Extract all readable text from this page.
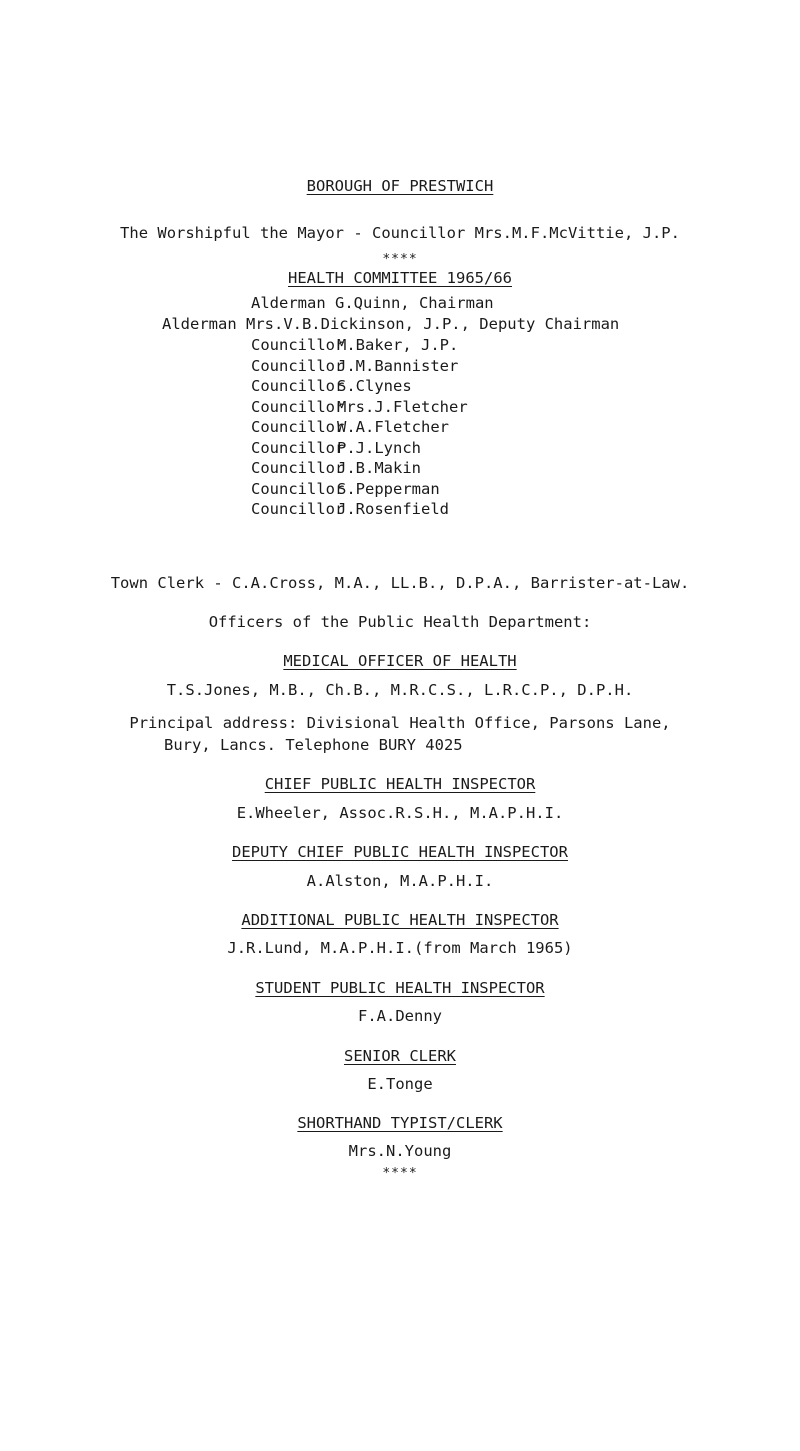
BOROUGH OF PRESTWICH
The Worshipful the Mayor - Councillor Mrs.M.F.McVittie, J.P.
****
HEALTH COMMITTEE 1965/66
Alderman G.Quinn, Chairman
Alderman Mrs.V.B.Dickinson, J.P., Deputy Chairman
CouncillorM.Baker, J.P.
CouncillorJ.M.Bannister
CouncillorS.Clynes
CouncillorMrs.J.Fletcher
CouncillorW.A.Fletcher
CouncillorP.J.Lynch
CouncillorJ.B.Makin
CouncillorS.Pepperman
CouncillorJ.Rosenfield
Town Clerk - C.A.Cross, M.A., LL.B., D.P.A., Barrister-at-Law.
Officers of the Public Health Department:
MEDICAL OFFICER OF HEALTH
T.S.Jones, M.B., Ch.B., M.R.C.S., L.R.C.P., D.P.H.
Principal address: Divisional Health Office, Parsons Lane,
Bury, Lancs. Telephone BURY 4025
CHIEF PUBLIC HEALTH INSPECTOR
E.Wheeler, Assoc.R.S.H., M.A.P.H.I.
DEPUTY CHIEF PUBLIC HEALTH INSPECTOR
A.Alston, M.A.P.H.I.
ADDITIONAL PUBLIC HEALTH INSPECTOR
J.R.Lund, M.A.P.H.I.(from March 1965)
STUDENT PUBLIC HEALTH INSPECTOR
F.A.Denny
SENIOR CLERK
E.Tonge
SHORTHAND TYPIST/CLERK
Mrs.N.Young
****
